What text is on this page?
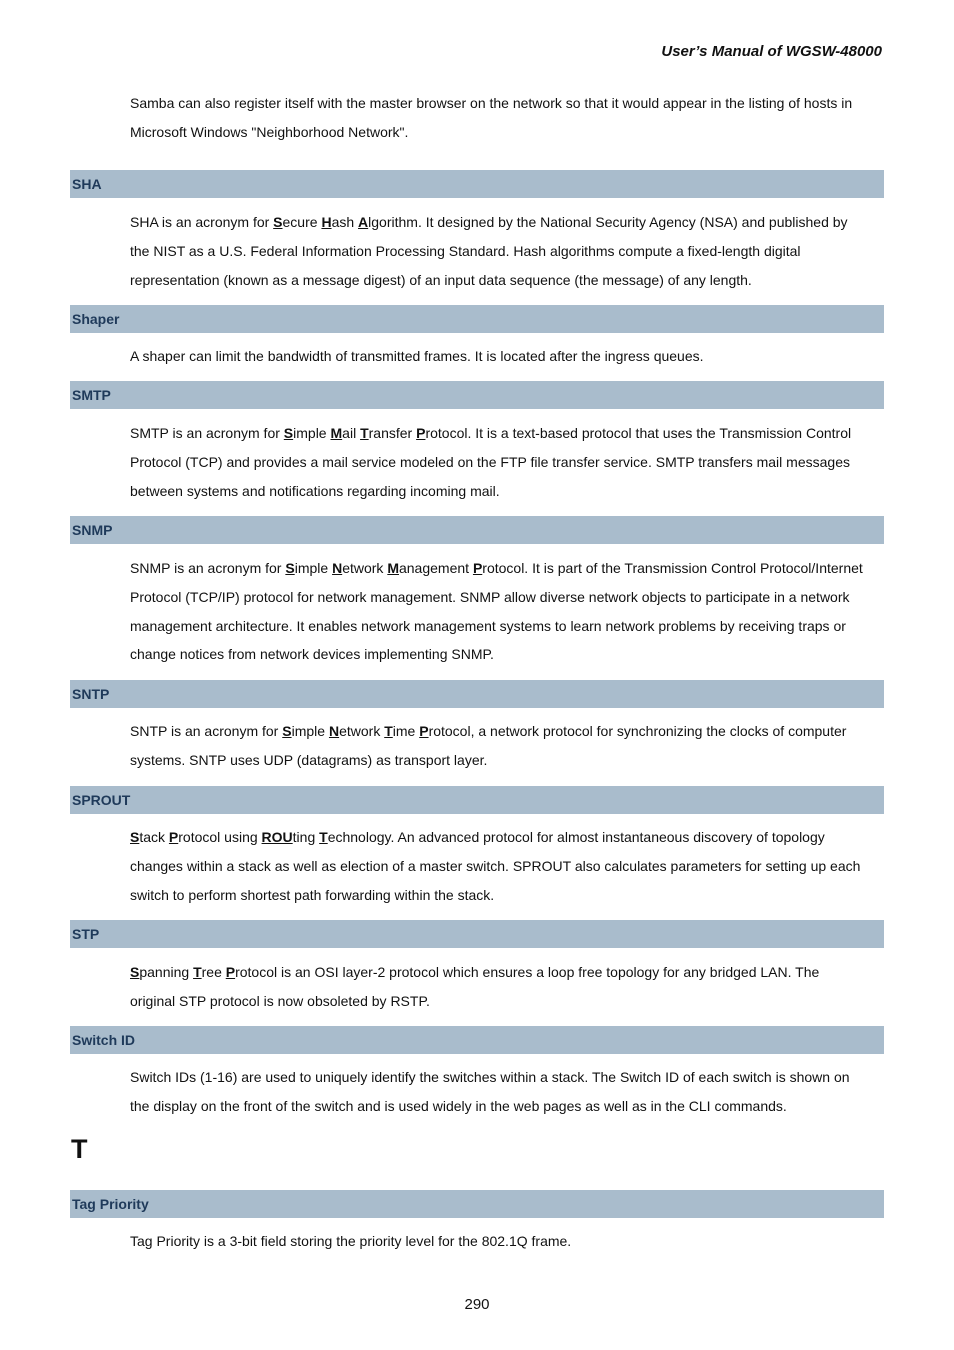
User’s Manual of WGSW-48000
Samba can also register itself with the master browser on the network so that it would appear in the listing of hosts in
Microsoft Windows "Neighborhood Network".
SHA
SHA is an acronym for Secure Hash Algorithm. It designed by the National Security Agency (NSA) and published by
the NIST as a U.S. Federal Information Processing Standard. Hash algorithms compute a fixed-length digital
representation (known as a message digest) of an input data sequence (the message) of any length.
Shaper
A shaper can limit the bandwidth of transmitted frames. It is located after the ingress queues.
SMTP
SMTP is an acronym for Simple Mail Transfer Protocol. It is a text-based protocol that uses the Transmission Control
Protocol (TCP) and provides a mail service modeled on the FTP file transfer service. SMTP transfers mail messages
between systems and notifications regarding incoming mail.
SNMP
SNMP is an acronym for Simple Network Management Protocol. It is part of the Transmission Control Protocol/Internet
Protocol (TCP/IP) protocol for network management. SNMP allow diverse network objects to participate in a network
management architecture. It enables network management systems to learn network problems by receiving traps or
change notices from network devices implementing SNMP.
SNTP
SNTP is an acronym for Simple Network Time Protocol, a network protocol for synchronizing the clocks of computer
systems. SNTP uses UDP (datagrams) as transport layer.
SPROUT
Stack Protocol using ROUting Technology. An advanced protocol for almost instantaneous discovery of topology
changes within a stack as well as election of a master switch. SPROUT also calculates parameters for setting up each
switch to perform shortest path forwarding within the stack.
STP
Spanning Tree Protocol is an OSI layer-2 protocol which ensures a loop free topology for any bridged LAN. The
original STP protocol is now obsoleted by RSTP.
Switch ID
Switch IDs (1-16) are used to uniquely identify the switches within a stack. The Switch ID of each switch is shown on
the display on the front of the switch and is used widely in the web pages as well as in the CLI commands.
T
Tag Priority
Tag Priority is a 3-bit field storing the priority level for the 802.1Q frame.
290
